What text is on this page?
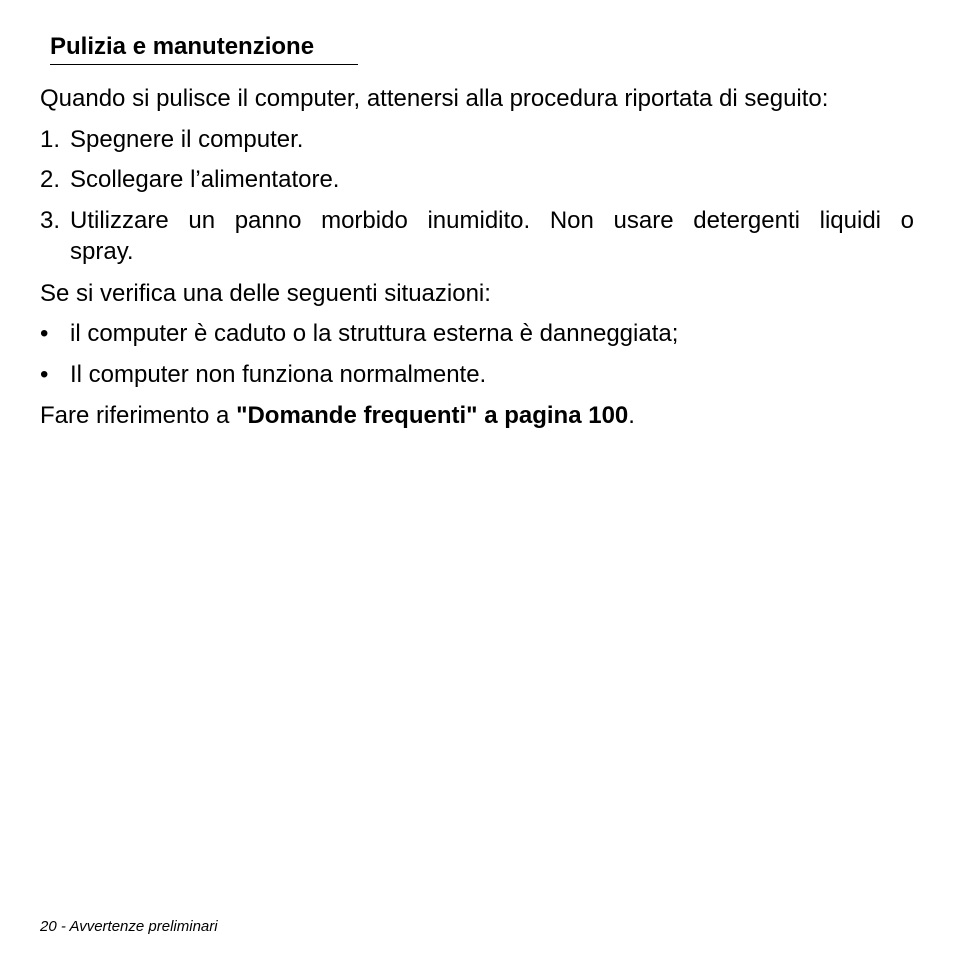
Pulizia e manutenzione

Quando si pulisce il computer, attenersi alla procedura riportata di seguito:

1. Spegnere il computer.
2. Scollegare l’alimentatore.
3. Utilizzare un panno morbido inumidito. Non usare detergenti liquidi o
spray.

Se si verifica una delle seguenti situazioni:

• il computer è caduto o la struttura esterna è danneggiata;
• Il computer non funziona normalmente.

Fare riferimento a "Domande frequenti" a pagina 100.

20 - Avvertenze preliminari
